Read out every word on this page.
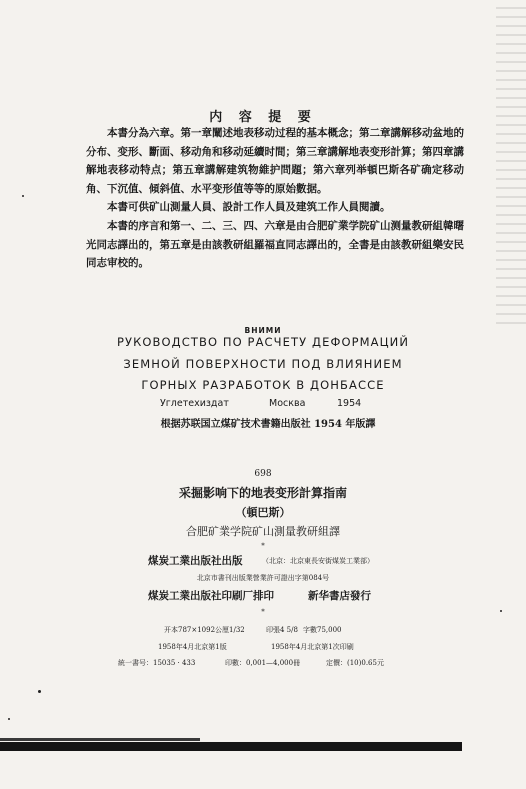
内 容 提 要

本書分為六章。第一章闡述地表移动过程的基本概念；第二章講解移动盆地的分布、变形、斷面、移动角和移动延續时間；第三章講解地表变形計算；第四章講解地表移动特点；第五章講解建筑物維护問題；第六章列举頓巴斯各矿确定移动角、下沉值、傾斜值、水平变形值等等的原始數据。

本書可供矿山測量人員、設計工作人員及建筑工作人員閱讀。

本書的序言和第一、二、三、四、六章是由合肥矿業学院矿山测量教研組韓曙光同志譯出的，第五章是由該教研組羅福直同志譯出的，全書是由該教研組樂安民同志审校的。

ВНИМИ
РУКОВОДСТВО ПО РАСЧЕТУ ДЕФОРМАЦИЙ
ЗЕМНОЙ ПОВЕРХНОСТИ ПОД ВЛИЯНИЕМ
ГОРНЫХ РАЗРАБОТОК В ДОНБАССЕ
Углетехиздат	Москва	1954
根据苏联国立煤矿技术書籍出版社 1954 年版譯
698
采掘影响下的地表变形計算指南
（頓巴斯）
合肥矿業学院矿山測量教研組譯
*
煤炭工業出版社出版	（北京：北京東長安街煤炭工業部）
北京市書刊出版業營業許可證出字第084号
煤炭工業出版社印刷厂排印	新华書店發行
*
开本787×1092公厘1/32	印張4 5/8 字數75,000
1958年4月北京第1版	1958年4月北京第1次印刷
統一書号：15035 · 433	印數：0,001—4,000冊	定價：(10)0.65元
